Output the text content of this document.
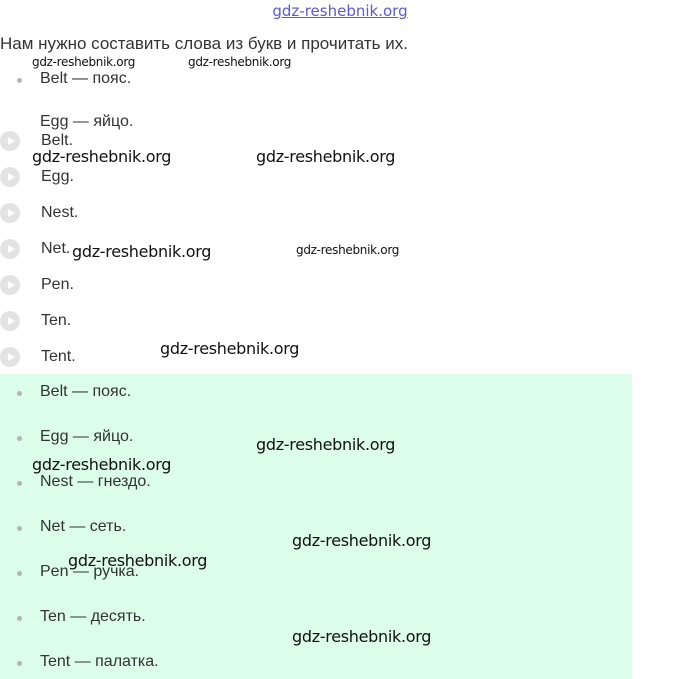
gdz-reshebnik.org
Нам нужно составить слова из букв и прочитать их.
Belt — пояс.
Egg — яйцо.
Belt.
Egg.
Nest.
Net.
Pen.
Ten.
Tent.
Belt — пояс.
Egg — яйцо.
Nest — гнездо.
Net — сеть.
Pen — ручка.
Ten — десять.
Tent — палатка.
gdz-reshebnik.org	gdz-reshebnik.org
gdz-reshebnik.org	gdz-reshebnik.org
gdz-reshebnik.org	gdz-reshebnik.org
gdz-reshebnik.org
gdz-reshebnik.org
gdz-reshebnik.org
gdz-reshebnik.org
gdz-reshebnik.org
gdz-reshebnik.org
